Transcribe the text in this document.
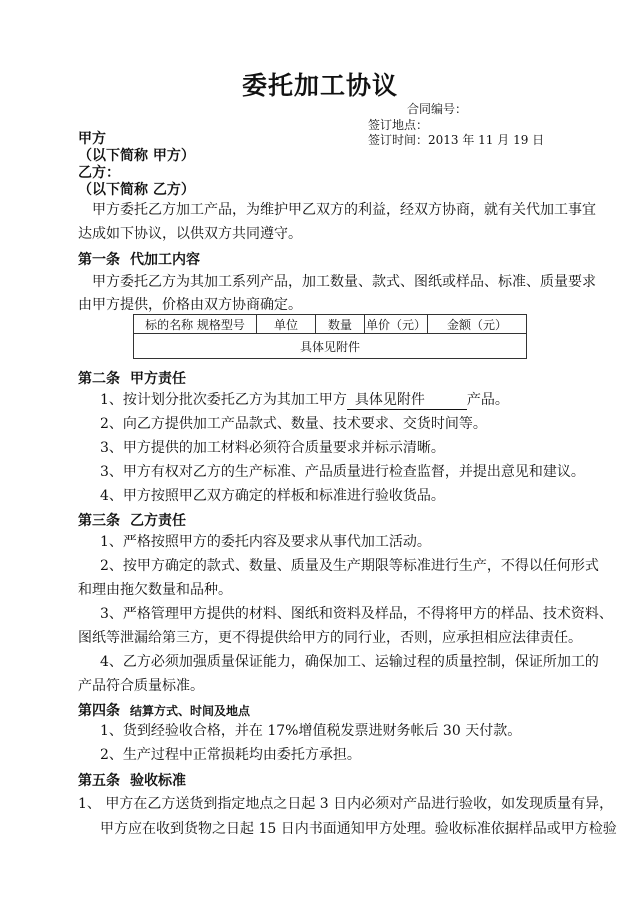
委托加工协议
合同编号：
签订地点：
签订时间：2013 年 11 月 19 日
甲方
（以下简称 甲方）
乙方：
（以下简称 乙方）
甲方委托乙方加工产品，为维护甲乙双方的利益，经双方协商，就有关代加工事宜
达成如下协议，以供双方共同遵守。
第一条 代加工内容
甲方委托乙方为其加工系列产品，加工数量、款式、图纸或样品、标准、质量要求
由甲方提供，价格由双方协商确定。
标的名称 规格型号	单位	数量	单价（元）	金额（元）
具体见附件
第二条 甲方责任
1、按计划分批次委托乙方为其加工甲方 具体见附件	产品。
2、向乙方提供加工产品款式、数量、技术要求、交货时间等。
3、甲方提供的加工材料必须符合质量要求并标示清晰。
3、甲方有权对乙方的生产标准、产品质量进行检查监督，并提出意见和建议。
4、甲方按照甲乙双方确定的样板和标准进行验收货品。
第三条 乙方责任
1、严格按照甲方的委托内容及要求从事代加工活动。
2、按甲方确定的款式、数量、质量及生产期限等标准进行生产，不得以任何形式
和理由拖欠数量和品种。
3、严格管理甲方提供的材料、图纸和资料及样品，不得将甲方的样品、技术资料、
图纸等泄漏给第三方，更不得提供给甲方的同行业，否则，应承担相应法律责任。
4、乙方必须加强质量保证能力，确保加工、运输过程的质量控制，保证所加工的
产品符合质量标准。
第四条 结算方式、时间及地点
1、货到经验收合格，并在 17%增值税发票进财务帐后 30 天付款。
2、生产过程中正常损耗均由委托方承担。
第五条 验收标准
1、 甲方在乙方送货到指定地点之日起 3 日内必须对产品进行验收，如发现质量有异，
甲方应在收到货物之日起 15 日内书面通知甲方处理。验收标准依据样品或甲方检验
